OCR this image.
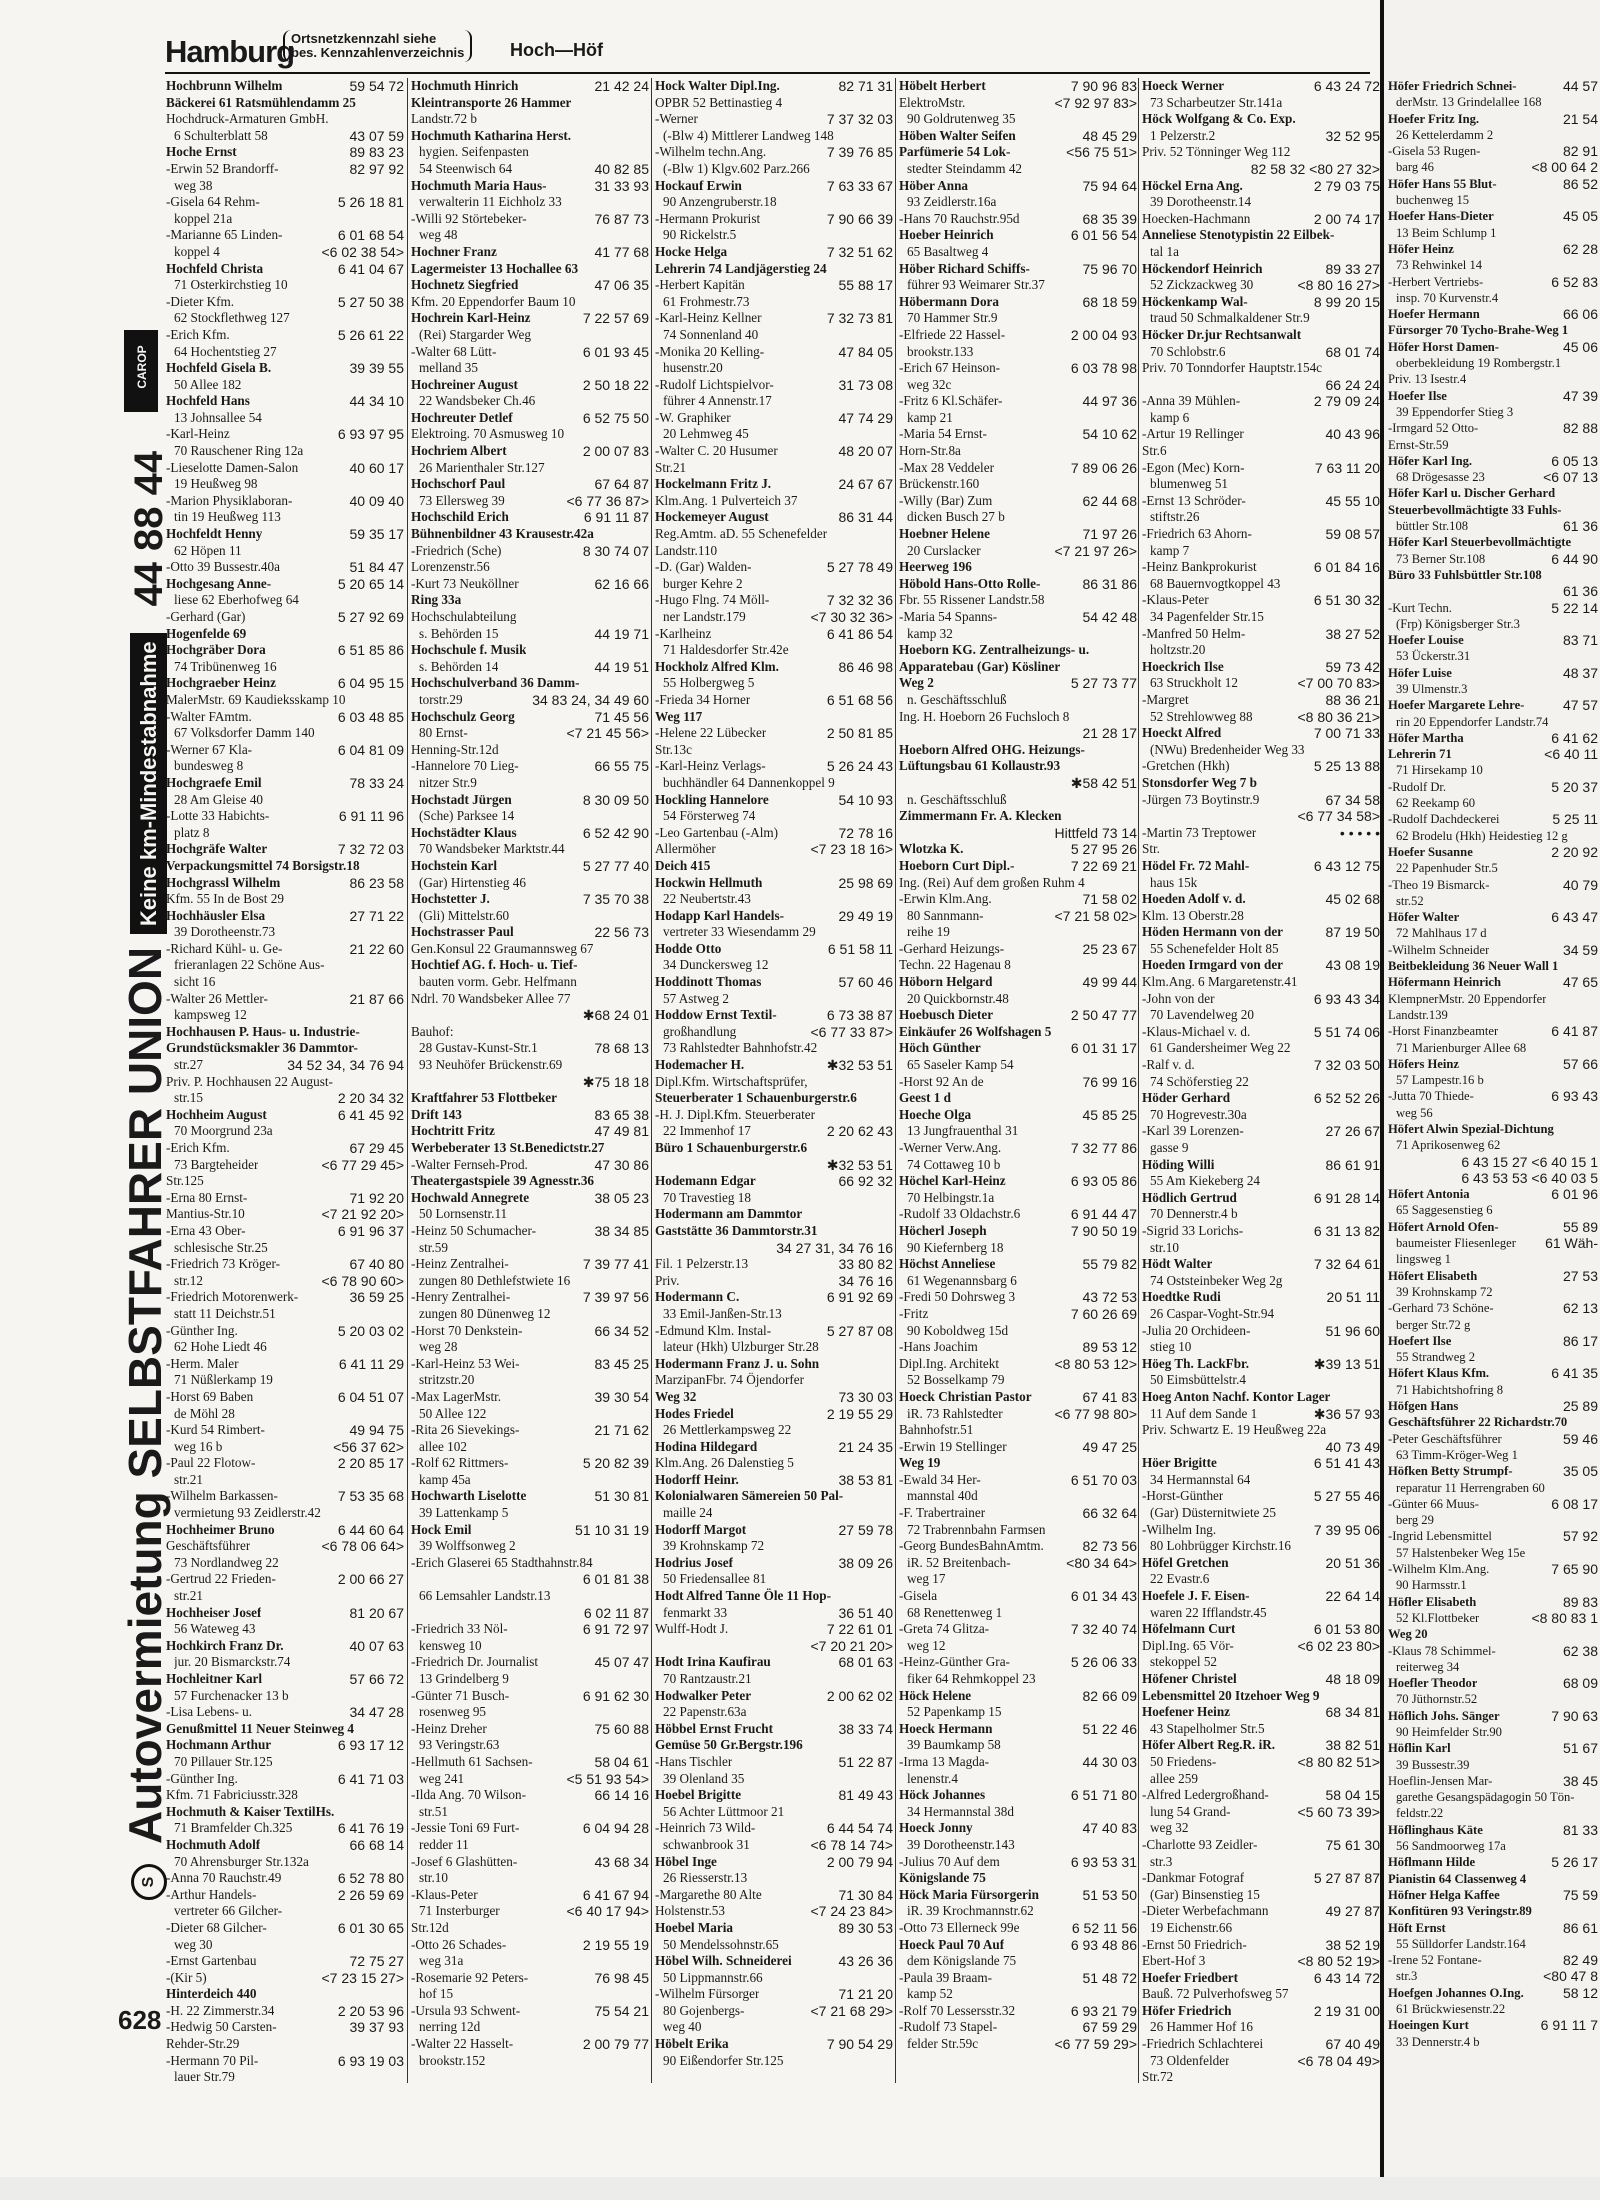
Hamburg
Ortsnetzkennzahl siehe
bes. Kennzahlenverzeichnis	Hoch—Höf
CAROP
SAutovermietung SELBSTFAHRER UNION Keine km-Mindestabnahme 44 88 44
628
Hochbrunn Wilhelm	59 54 72
Bäckerei 61 Ratsmühlendamm 25
Hochdruck-Armaturen GmbH.
6 Schulterblatt 58	43 07 59
Hoche Ernst	89 83 23
-Erwin 52 Brandorff-	82 97 92
weg 38
-Gisela 64 Rehm-	5 26 18 81
koppel 21a
-Marianne 65 Linden-	6 01 68 54
koppel 4	<6 02 38 54>
Hochfeld Christa	6 41 04 67
71 Osterkirchstieg 10
-Dieter Kfm.	5 27 50 38
62 Stockflethweg 127
-Erich Kfm.	5 26 61 22
64 Hochentstieg 27
Hochfeld Gisela B.	39 39 55
50 Allee 182
Hochfeld Hans	44 34 10
13 Johnsallee 54
-Karl-Heinz	6 93 97 95
70 Rauschener Ring 12a
-Lieselotte Damen-Salon	40 60 17
19 Heußweg 98
-Marion Physiklaboran-	40 09 40
tin 19 Heußweg 113
Hochfeldt Henny	59 35 17
62 Höpen 11
-Otto 39 Bussestr.40a	51 84 47
Hochgesang Anne-	5 20 65 14
liese 62 Eberhofweg 64
-Gerhard (Gar)	5 27 92 69
Hogenfelde 69
Hochgräber Dora	6 51 85 86
74 Tribünenweg 16
Hochgraeber Heinz	6 04 95 15
MalerMstr. 69 Kaudieksskamp 10
-Walter FAmtm.	6 03 48 85
67 Volksdorfer Damm 140
-Werner 67 Kla-	6 04 81 09
bundesweg 8
Hochgraefe Emil	78 33 24
28 Am Gleise 40
-Lotte 33 Habichts-	6 91 11 96
platz 8
Hochgräfe Walter	7 32 72 03
Verpackungsmittel 74 Borsigstr.18
Hochgrassl Wilhelm	86 23 58
Kfm. 55 In de Bost 29
Hochhäusler Elsa	27 71 22
39 Dorotheenstr.73
-Richard Kühl- u. Ge-	21 22 60
frieranlagen 22 Schöne Aus-
sicht 16
-Walter 26 Mettler-	21 87 66
kampsweg 12
Hochhausen P. Haus- u. Industrie-
Grundstücksmakler 36 Dammtor-
str.27	34 52 34, 34 76 94
Priv. P. Hochhausen 22 August-
str.15	2 20 34 32
Hochheim August	6 41 45 92
70 Moorgrund 23a
-Erich Kfm.	67 29 45
73 Bargteheider	<6 77 29 45>
Str.125
-Erna 80 Ernst-	71 92 20
Mantius-Str.10	<7 21 92 20>
-Erna 43 Ober-	6 91 96 37
schlesische Str.25
-Friedrich 73 Kröger-	67 40 80
str.12	<6 78 90 60>
-Friedrich Motorenwerk-	36 59 25
statt 11 Deichstr.51
-Günther Ing.	5 20 03 02
62 Hohe Liedt 46
-Herm. Maler	6 41 11 29
71 Nüßlerkamp 19
-Horst 69 Baben	6 04 51 07
de Möhl 28
-Kurd 54 Rimbert-	49 94 75
weg 16 b	<56 37 62>
-Paul 22 Flotow-	2 20 85 17
str.21
-Wilhelm Barkassen-	7 53 35 68
vermietung 93 Zeidlerstr.42
Hochheimer Bruno	6 44 60 64
Geschäftsführer	<6 78 06 64>
73 Nordlandweg 22
-Gertrud 22 Frieden-	2 00 66 27
str.21
Hochheiser Josef	81 20 67
56 Wateweg 43
Hochkirch Franz Dr.	40 07 63
jur. 20 Bismarckstr.74
Hochleitner Karl	57 66 72
57 Furchenacker 13 b
-Lisa Lebens- u.	34 47 28
Genußmittel 11 Neuer Steinweg 4
Hochmann Arthur	6 93 17 12
70 Pillauer Str.125
-Günther Ing.	6 41 71 03
Kfm. 71 Fabriciusstr.328
Hochmuth & Kaiser TextilHs.
71 Bramfelder Ch.325	6 41 76 19
Hochmuth Adolf	66 68 14
70 Ahrensburger Str.132a
-Anna 70 Rauchstr.49	6 52 78 80
-Arthur Handels-	2 26 59 69
vertreter 66 Gilcher-
-Dieter 68 Gilcher-	6 01 30 65
weg 30
-Ernst Gartenbau	72 75 27
-(Kir 5)	<7 23 15 27>
Hinterdeich 440
-H. 22 Zimmerstr.34	2 20 53 96
-Hedwig 50 Carsten-	39 37 93
Rehder-Str.29
-Hermann 70 Pil-	6 93 19 03
lauer Str.79
Hochmuth Hinrich	21 42 24
Kleintransporte 26 Hammer
Landstr.72 b
Hochmuth Katharina Herst.
hygien. Seifenpasten
54 Steenwisch 64	40 82 85
Hochmuth Maria Haus-	31 33 93
verwalterin 11 Eichholz 33
-Willi 92 Störtebeker-	76 87 73
weg 48
Hochner Franz	41 77 68
Lagermeister 13 Hochallee 63
Hochnetz Siegfried	47 06 35
Kfm. 20 Eppendorfer Baum 10
Hochrein Karl-Heinz	7 22 57 69
(Rei) Stargarder Weg
-Walter 68 Lütt-	6 01 93 45
melland 35
Hochreiner August	2 50 18 22
22 Wandsbeker Ch.46
Hochreuter Detlef	6 52 75 50
Elektroing. 70 Asmusweg 10
Hochriem Albert	2 00 07 83
26 Marienthaler Str.127
Hochschorf Paul	67 64 87
73 Ellersweg 39	<6 77 36 87>
Hochschild Erich	6 91 11 87
Bühnenbildner 43 Krausestr.42a
-Friedrich (Sche)	8 30 74 07
Lorenzenstr.56
-Kurt 73 Neuköllner	62 16 66
Ring 33a
Hochschulabteilung
s. Behörden 15	44 19 71
Hochschule f. Musik
s. Behörden 14	44 19 51
Hochschulverband 36 Damm-
torstr.29	34 83 24, 34 49 60
Hochschulz Georg	71 45 56
80 Ernst-	<7 21 45 56>
Henning-Str.12d
-Hannelore 70 Lieg-	66 55 75
nitzer Str.9
Hochstadt Jürgen	8 30 09 50
(Sche) Parksee 14
Hochstädter Klaus	6 52 42 90
70 Wandsbeker Marktstr.44
Hochstein Karl	5 27 77 40
(Gar) Hirtenstieg 46
Hochstetter J.	7 35 70 38
(Gli) Mittelstr.60
Hochstrasser Paul	22 56 73
Gen.Konsul 22 Graumannsweg 67
Hochtief AG. f. Hoch- u. Tief-
bauten vorm. Gebr. Helfmann
Ndrl. 70 Wandsbeker Allee 77
✱68 24 01
Bauhof:
28 Gustav-Kunst-Str.1	78 68 13
93 Neuhöfer Brückenstr.69
✱75 18 18
Kraftfahrer 53 Flottbeker
Drift 143	83 65 38
Hochtritt Fritz	47 49 81
Werbeberater 13 St.Benedictstr.27
-Walter Fernseh-Prod.	47 30 86
Theatergastspiele 39 Agnesstr.36
Hochwald Annegrete	38 05 23
50 Lornsenstr.11
-Heinz 50 Schumacher-	38 34 85
str.59
-Heinz Zentralhei-	7 39 77 41
zungen 80 Dethlefstwiete 16
-Henry Zentralhei-	7 39 97 56
zungen 80 Dünenweg 12
-Horst 70 Denkstein-	66 34 52
weg 28
-Karl-Heinz 53 Wei-	83 45 25
stritzstr.20
-Max LagerMstr.	39 30 54
50 Allee 122
-Rita 26 Sievekings-	21 71 62
allee 102
-Rolf 62 Rittmers-	5 20 82 39
kamp 45a
Hochwarth Liselotte	51 30 81
39 Lattenkamp 5
Hock Emil	51 10 31 19
39 Wolffsonweg 2
-Erich Glaserei 65 Stadthahnstr.84
6 01 81 38
66 Lemsahler Landstr.13
6 02 11 87
-Friedrich 33 Nöl-	6 91 72 97
kensweg 10
-Friedrich Dr. Journalist	45 07 47
13 Grindelberg 9
-Günter 71 Busch-	6 91 62 30
rosenweg 95
-Heinz Dreher	75 60 88
93 Veringstr.63
-Hellmuth 61 Sachsen-	58 04 61
weg 241	<5 51 93 54>
-Ilda Ang. 70 Wilson-	66 14 16
str.51
-Jessie Toni 69 Furt-	6 04 94 28
redder 11
-Josef 6 Glashütten-	43 68 34
str.10
-Klaus-Peter	6 41 67 94
71 Insterburger	<6 40 17 94>
Str.12d
-Otto 26 Schades-	2 19 55 19
weg 31a
-Rosemarie 92 Peters-	76 98 45
hof 15
-Ursula 93 Schwent-	75 54 21
nerring 12d
-Walter 22 Hasselt-	2 00 79 77
brookstr.152
Hock Walter Dipl.Ing.	82 71 31
OPBR 52 Bettinastieg 4
-Werner	7 37 32 03
(-Blw 4) Mittlerer Landweg 148
-Wilhelm techn.Ang.	7 39 76 85
(-Blw 1) Klgv.602 Parz.266
Hockauf Erwin	7 63 33 67
90 Anzengruberstr.18
-Hermann Prokurist	7 90 66 39
90 Rickelstr.5
Hocke Helga	7 32 51 62
Lehrerin 74 Landjägerstieg 24
-Herbert Kapitän	55 88 17
61 Frohmestr.73
-Karl-Heinz Kellner	7 32 73 81
74 Sonnenland 40
-Monika 20 Kelling-	47 84 05
husenstr.20
-Rudolf Lichtspielvor-	31 73 08
führer 4 Annenstr.17
-W. Graphiker	47 74 29
20 Lehmweg 45
-Walter C. 20 Husumer	48 20 07
Str.21
Hockelmann Fritz J.	24 67 67
Klm.Ang. 1 Pulverteich 37
Hockemeyer August	86 31 44
Reg.Amtm. aD. 55 Schenefelder
Landstr.110
-D. (Gar) Walden-	5 27 78 49
burger Kehre 2
-Hugo Flng. 74 Möll-	7 32 32 36
ner Landstr.179	<7 30 32 36>
-Karlheinz	6 41 86 54
71 Haldesdorfer Str.42e
Hockholz Alfred Klm.	86 46 98
55 Holbergweg 5
-Frieda 34 Horner	6 51 68 56
Weg 117
-Helene 22 Lübecker	2 50 81 85
Str.13c
-Karl-Heinz Verlags-	5 26 24 43
buchhändler 64 Dannenkoppel 9
Hockling Hannelore	54 10 93
54 Försterweg 74
-Leo Gartenbau (-Alm)	72 78 16
Allermöher	<7 23 18 16>
Deich 415
Hockwin Hellmuth	25 98 69
22 Neubertstr.43
Hodapp Karl Handels-	29 49 19
vertreter 33 Wiesendamm 29
Hodde Otto	6 51 58 11
34 Dunckersweg 12
Hoddinott Thomas	57 60 46
57 Astweg 2
Hoddow Ernst Textil-	6 73 38 87
großhandlung	<6 77 33 87>
73 Rahlstedter Bahnhofstr.42
Hodemacher H.	✱32 53 51
Dipl.Kfm. Wirtschaftsprüfer,
Steuerberater 1 Schauenburgerstr.6
-H. J. Dipl.Kfm. Steuerberater
22 Immenhof 17	2 20 62 43
Büro 1 Schauenburgerstr.6
✱32 53 51
Hodemann Edgar	66 92 32
70 Travestieg 18
Hodermann am Dammtor
Gaststätte 36 Dammtorstr.31
34 27 31, 34 76 16
Fil. 1 Pelzerstr.13	33 80 82
Priv.	34 76 16
Hodermann C.	6 91 92 69
33 Emil-Janßen-Str.13
-Edmund Klm. Instal-	5 27 87 08
lateur (Hkh) Ulzburger Str.28
Hodermann Franz J. u. Sohn
MarzipanFbr. 74 Öjendorfer
Weg 32	73 30 03
Hodes Friedel	2 19 55 29
26 Mettlerkampsweg 22
Hodina Hildegard	21 24 35
Klm.Ang. 26 Dalenstieg 5
Hodorff Heinr.	38 53 81
Kolonialwaren Sämereien 50 Pal-
maille 24
Hodorff Margot	27 59 78
39 Krohnskamp 72
Hodrius Josef	38 09 26
50 Friedensallee 81
Hodt Alfred Tanne Öle 11 Hop-
fenmarkt 33	36 51 40
Wulff-Hodt J.	7 22 61 01
<7 20 21 20>
Hodt Irina Kaufirau	68 01 63
70 Rantzaustr.21
Hodwalker Peter	2 00 62 02
22 Papenstr.63a
Höbbel Ernst Frucht	38 33 74
Gemüse 50 Gr.Bergstr.196
-Hans Tischler	51 22 87
39 Olenland 35
Hoebel Brigitte	81 49 43
56 Achter Lüttmoor 21
-Heinrich 73 Wild-	6 44 54 74
schwanbrook 31	<6 78 14 74>
Höbel Inge	2 00 79 94
26 Riesserstr.13
-Margarethe 80 Alte	71 30 84
Holstenstr.53	<7 24 23 84>
Hoebel Maria	89 30 53
50 Mendelssohnstr.65
Höbel Wilh. Schneiderei	43 26 36
50 Lippmannstr.66
-Wilhelm Fürsorger	71 21 20
80 Gojenbergs-	<7 21 68 29>
weg 40
Höbelt Erika	7 90 54 29
90 Eißendorfer Str.125
Höbelt Herbert	7 90 96 83
ElektroMstr.	<7 92 97 83>
90 Goldrutenweg 35
Höben Walter Seifen	48 45 29
Parfümerie 54 Lok-	<56 75 51>
stedter Steindamm 42
Höber Anna	75 94 64
93 Zeidlerstr.16a
-Hans 70 Rauchstr.95d	68 35 39
Hoeber Heinrich	6 01 56 54
65 Basaltweg 4
Höber Richard Schiffs-	75 96 70
führer 93 Weimarer Str.37
Höbermann Dora	68 18 59
70 Hammer Str.9
-Elfriede 22 Hassel-	2 00 04 93
brookstr.133
-Erich 67 Heinson-	6 03 78 98
weg 32c
-Fritz 6 Kl.Schäfer-	44 97 36
kamp 21
-Maria 54 Ernst-	54 10 62
Horn-Str.8a
-Max 28 Veddeler	7 89 06 26
Brückenstr.160
-Willy (Bar) Zum	62 44 68
dicken Busch 27 b
Hoebner Helene	71 97 26
20 Curslacker	<7 21 97 26>
Heerweg 196
Höbold Hans-Otto Rolle-	86 31 86
Fbr. 55 Rissener Landstr.58
-Maria 54 Spanns-	54 42 48
kamp 32
Hoeborn KG. Zentralheizungs- u.
Apparatebau (Gar) Kösliner
Weg 2	5 27 73 77
n. Geschäftsschluß
Ing. H. Hoeborn 26 Fuchsloch 8
21 28 17
Hoeborn Alfred OHG. Heizungs-
Lüftungsbau 61 Kollaustr.93
✱58 42 51
n. Geschäftsschluß
Zimmermann Fr. A. Klecken
Hittfeld 73 14
Wlotzka K.	5 27 95 26
Hoeborn Curt Dipl.-	7 22 69 21
Ing. (Rei) Auf dem großen Ruhm 4
-Erwin Klm.Ang.	71 58 02
80 Sannmann-	<7 21 58 02>
reihe 19
-Gerhard Heizungs-	25 23 67
Techn. 22 Hagenau 8
Höborn Helgard	49 99 44
20 Quickbornstr.48
Hoebusch Dieter	2 50 47 77
Einkäufer 26 Wolfshagen 5
Höch Günther	6 01 31 17
65 Saseler Kamp 54
-Horst 92 An de	76 99 16
Geest 1 d
Hoeche Olga	45 85 25
13 Jungfrauenthal 31
-Werner Verw.Ang.	7 32 77 86
74 Cottaweg 10 b
Höchel Karl-Heinz	6 93 05 86
70 Helbingstr.1a
-Rudolf 33 Oldachstr.6	6 91 44 47
Höcherl Joseph	7 90 50 19
90 Kiefernberg 18
Höchst Anneliese	55 79 82
61 Wegenannsbarg 6
-Fredi 50 Dohrsweg 3	43 72 53
-Fritz	7 60 26 69
90 Koboldweg 15d
-Hans Joachim	89 53 12
Dipl.Ing. Architekt	<8 80 53 12>
52 Bosselkamp 79
Hoeck Christian Pastor	67 41 83
iR. 73 Rahlstedter	<6 77 98 80>
Bahnhofstr.51
-Erwin 19 Stellinger	49 47 25
Weg 19
-Ewald 34 Her-	6 51 70 03
mannstal 40d
-F. Trabertrainer	66 32 64
72 Trabrennbahn Farmsen
-Georg BundesBahnAmtm.	82 73 56
iR. 52 Breitenbach-	<80 34 64>
weg 17
-Gisela	6 01 34 43
68 Renettenweg 1
-Greta 74 Glitza-	7 32 40 74
weg 12
-Heinz-Günther Gra-	5 26 06 33
fiker 64 Rehmkoppel 23
Höck Helene	82 66 09
52 Papenkamp 15
Hoeck Hermann	51 22 46
39 Baumkamp 58
-Irma 13 Magda-	44 30 03
lenenstr.4
Höck Johannes	6 51 71 80
34 Hermannstal 38d
Hoeck Jonny	47 40 83
39 Dorotheenstr.143
-Julius 70 Auf dem	6 93 53 31
Königslande 75
Höck Maria Fürsorgerin	51 53 50
iR. 39 Krochmannstr.62
-Otto 73 Ellerneck 99e	6 52 11 56
Hoeck Paul 70 Auf	6 93 48 86
dem Königslande 75
-Paula 39 Braam-	51 48 72
kamp 52
-Rolf 70 Lessersstr.32	6 93 21 79
-Rudolf 73 Stapel-	67 59 29
felder Str.59c	<6 77 59 29>
Hoeck Werner	6 43 24 72
73 Scharbeutzer Str.141a
Höck Wolfgang & Co. Exp.
1 Pelzerstr.2	32 52 95
Priv. 52 Tönninger Weg 112
82 58 32 <80 27 32>
Höckel Erna Ang.	2 79 03 75
39 Dorotheenstr.14
Hoecken-Hachmann	2 00 74 17
Anneliese Stenotypistin 22 Eilbek-
tal 1a
Höckendorf Heinrich	89 33 27
52 Zickzackweg 30	<8 80 16 27>
Höckenkamp Wal-	8 99 20 15
traud 50 Schmalkaldener Str.9
Höcker Dr.jur Rechtsanwalt
70 Schlobstr.6	68 01 74
Priv. 70 Tonndorfer Hauptstr.154c
66 24 24
-Anna 39 Mühlen-	2 79 09 24
kamp 6
-Artur 19 Rellinger	40 43 96
Str.6
-Egon (Mec) Korn-	7 63 11 20
blumenweg 51
-Ernst 13 Schröder-	45 55 10
stiftstr.26
-Friedrich 63 Ahorn-	59 08 57
kamp 7
-Heinz Bankprokurist	6 01 84 16
68 Bauernvogtkoppel 43
-Klaus-Peter	6 51 30 32
34 Pagenfelder Str.15
-Manfred 50 Helm-	38 27 52
holtzstr.20
Hoeckrich Ilse	59 73 42
63 Struckholt 12	<7 00 70 83>
-Margret	88 36 21
52 Strehlowweg 88	<8 80 36 21>
Hoeckt Alfred	7 00 71 33
(NWu) Bredenheider Weg 33
-Gretchen (Hkh)	5 25 13 88
Stonsdorfer Weg 7 b
-Jürgen 73 Boytinstr.9	67 34 58
<6 77 34 58>
-Martin 73 Treptower	• • • • •
Str.
Hödel Fr. 72 Mahl-	6 43 12 75
haus 15k
Hoeden Adolf v. d.	45 02 68
Klm. 13 Oberstr.28
Höden Hermann von der	87 19 50
55 Schenefelder Holt 85
Hoeden Irmgard von der	43 08 19
Klm.Ang. 6 Margaretenstr.41
-John von der	6 93 43 34
70 Lavendelweg 20
-Klaus-Michael v. d.	5 51 74 06
61 Gandersheimer Weg 22
-Ralf v. d.	7 32 03 50
74 Schöferstieg 22
Höder Gerhard	6 52 52 26
70 Hogrevestr.30a
-Karl 39 Lorenzen-	27 26 67
gasse 9
Höding Willi	86 61 91
55 Am Kiekeberg 24
Hödlich Gertrud	6 91 28 14
70 Dennerstr.4 b
-Sigrid 33 Lorichs-	6 31 13 82
str.10
Hödt Walter	7 32 64 61
74 Oststeinbeker Weg 2g
Hoedtke Rudi	20 51 11
26 Caspar-Voght-Str.94
-Julia 20 Orchideen-	51 96 60
stieg 10
Höeg Th. LackFbr.	✱39 13 51
50 Eimsbüttelstr.4
Hoeg Anton Nachf. Kontor Lager
11 Auf dem Sande 1	✱36 57 93
Priv. Schwartz E. 19 Heußweg 22a
40 73 49
Höer Brigitte	6 51 41 43
34 Hermannstal 64
-Horst-Günther	5 27 55 46
(Gar) Düsternitwiete 25
-Wilhelm Ing.	7 39 95 06
80 Lohbrügger Kirchstr.16
Höfel Gretchen	20 51 36
22 Evastr.6
Hoefele J. F. Eisen-	22 64 14
waren 22 Ifflandstr.45
Höfelmann Curt	6 01 53 80
Dipl.Ing. 65 Vör-	<6 02 23 80>
stekoppel 52
Höfener Christel	48 18 09
Lebensmittel 20 Itzehoer Weg 9
Hoefener Heinz	68 34 81
43 Stapelholmer Str.5
Höfer Albert Reg.R. iR.	38 82 51
50 Friedens-	<8 80 82 51>
allee 259
-Alfred Ledergroßhand-	58 04 15
lung 54 Grand-	<5 60 73 39>
weg 32
-Charlotte 93 Zeidler-	75 61 30
str.3
-Dankmar Fotograf	5 27 87 87
(Gar) Binsenstieg 15
-Dieter Werbefachmann	49 27 87
19 Eichenstr.66
-Ernst 50 Friedrich-	38 52 19
Ebert-Hof 3	<8 80 52 19>
Hoefer Friedbert	6 43 14 72
Bauß. 72 Pulverhofsweg 57
Höfer Friedrich	2 19 31 00
26 Hammer Hof 16
-Friedrich Schlachterei	67 40 49
73 Oldenfelder	<6 78 04 49>
Str.72
Höfer Friedrich Schnei-	44 57
derMstr. 13 Grindelallee 168
Hoefer Fritz Ing.	21 54
26 Kettelerdamm 2
-Gisela 53 Rugen-	82 91
barg 46	<8 00 64 2
Höfer Hans 55 Blut-	86 52
buchenweg 15
Hoefer Hans-Dieter	45 05
13 Beim Schlump 1
Höfer Heinz	62 28
73 Rehwinkel 14
-Herbert Vertriebs-	6 52 83
insp. 70 Kurvenstr.4
Hoefer Hermann	66 06
Fürsorger 70 Tycho-Brahe-Weg 1
Höfer Horst Damen-	45 06
oberbekleidung 19 Rombergstr.1
Priv. 13 Isestr.4
Hoefer Ilse	47 39
39 Eppendorfer Stieg 3
-Irmgard 52 Otto-	82 88
Ernst-Str.59
Höfer Karl Ing.	6 05 13
68 Drögesasse 23	<6 07 13
Höfer Karl u. Discher Gerhard
Steuerbevollmächtigte 33 Fuhls-
büttler Str.108	61 36
Höfer Karl Steuerbevollmächtigte
73 Berner Str.108	6 44 90
Büro 33 Fuhlsbüttler Str.108
61 36
-Kurt Techn.	5 22 14
(Frp) Königsberger Str.3
Hoefer Louise	83 71
53 Ückerstr.31
Höfer Luise	48 37
39 Ulmenstr.3
Hoefer Margarete Lehre-	47 57
rin 20 Eppendorfer Landstr.74
Höfer Martha	6 41 62
Lehrerin 71	<6 40 11
71 Hirsekamp 10
-Rudolf Dr.	5 20 37
62 Reekamp 60
-Rudolf Dachdeckerei	5 25 11
62 Brodelu (Hkh) Heidestieg 12 g
Hoefer Susanne	2 20 92
22 Papenhuder Str.5
-Theo 19 Bismarck-	40 79
str.52
Höfer Walter	6 43 47
72 Mahlhaus 17 d
-Wilhelm Schneider	34 59
Beitbekleidung 36 Neuer Wall 1
Höfermann Heinrich	47 65
KlempnerMstr. 20 Eppendorfer
Landstr.139
-Horst Finanzbeamter	6 41 87
71 Marienburger Allee 68
Höfers Heinz	57 66
57 Lampestr.16 b
-Jutta 70 Thiede-	6 93 43
weg 56
Höfert Alwin Spezial-Dichtung
71 Aprikosenweg 62
6 43 15 27 <6 40 15 1
6 43 53 53 <6 40 03 5
Höfert Antonia	6 01 96
65 Saggesenstieg 6
Höfert Arnold Ofen-	55 89
baumeister Fliesenleger 61 Wäh-
lingsweg 1
Höfert Elisabeth	27 53
39 Krohnskamp 72
-Gerhard 73 Schöne-	62 13
berger Str.72 g
Hoefert Ilse	86 17
55 Strandweg 2
Höfert Klaus Kfm.	6 41 35
71 Habichtshofring 8
Höfgen Hans	25 89
Geschäftsführer 22 Richardstr.70
-Peter Geschäftsführer	59 46
63 Timm-Kröger-Weg 1
Höfken Betty Strumpf-	35 05
reparatur 11 Herrengraben 60
-Günter 66 Muus-	6 08 17
berg 29
-Ingrid Lebensmittel	57 92
57 Halstenbeker Weg 15e
-Wilhelm Klm.Ang.	7 65 90
90 Harmsstr.1
Höfler Elisabeth	89 83
52 Kl.Flottbeker	<8 80 83 1
Weg 20
-Klaus 78 Schimmel-	62 38
reiterweg 34
Hoefler Theodor	68 09
70 Jüthornstr.52
Höflich Johs. Sänger	7 90 63
90 Heimfelder Str.90
Höflin Karl	51 67
39 Bussestr.39
Hoeflin-Jensen Mar-	38 45
garethe Gesangspädagogin 50 Tön-
feldstr.22
Höflinghaus Käte	81 33
56 Sandmoorweg 17a
Höflmann Hilde	5 26 17
Pianistin 64 Classenweg 4
Höfner Helga Kaffee	75 59
Konfitüren 93 Veringstr.89
Höft Ernst	86 61
55 Sülldorfer Landstr.164
-Irene 52 Fontane-	82 49
str.3	<80 47 8
Hoefgen Johannes O.Ing.	58 12
61 Brückwiesenstr.22
Hoeingen Kurt	6 91 11 7
33 Dennerstr.4 b
